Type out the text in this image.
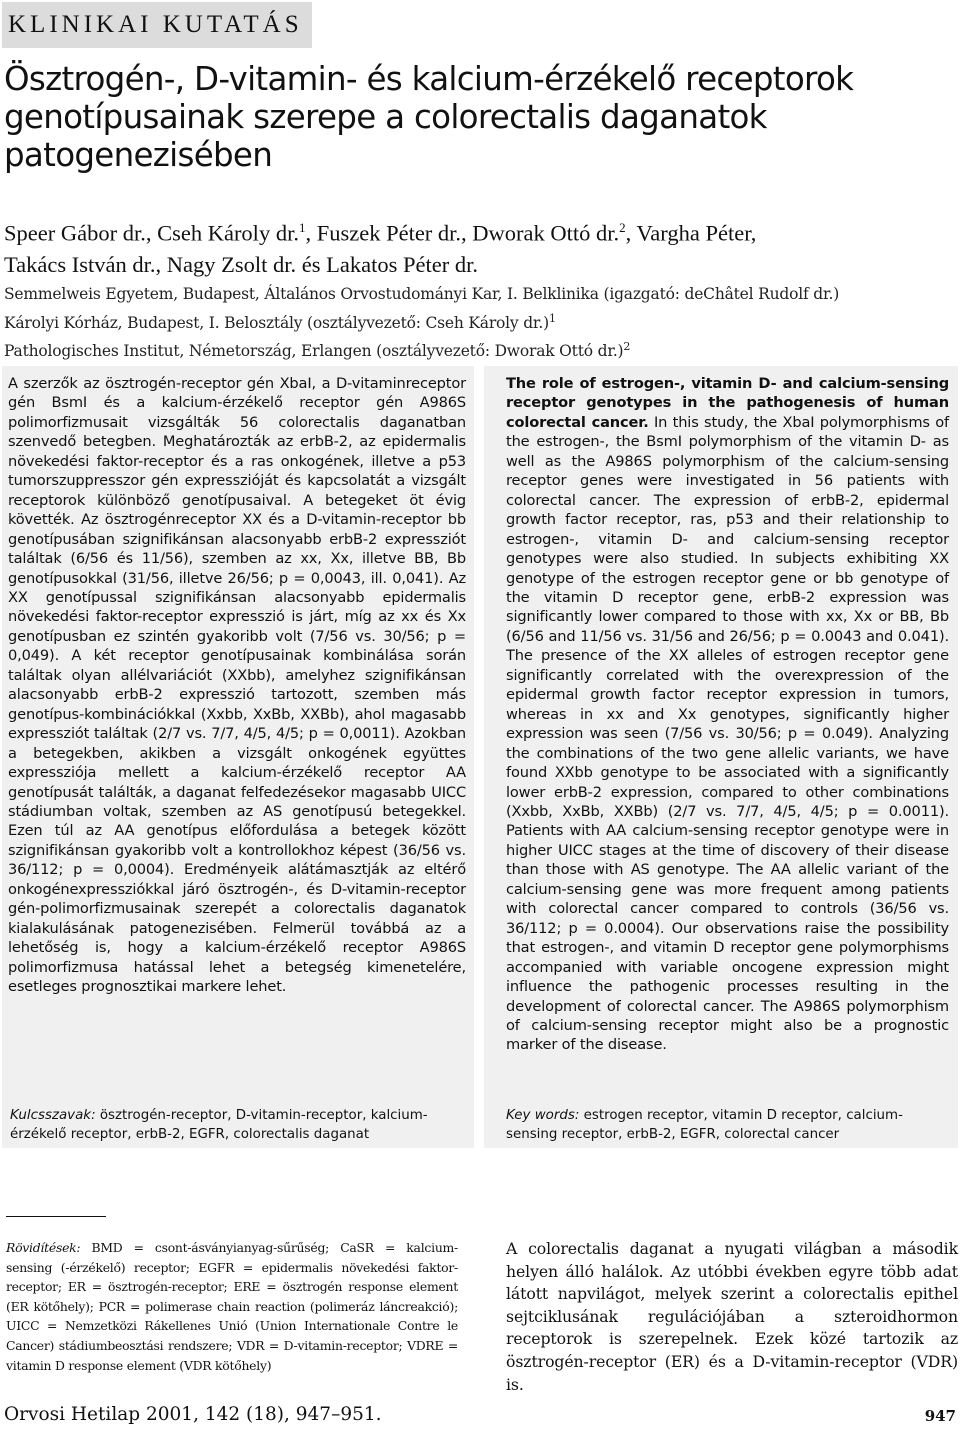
KLINIKAI KUTATÁS
Ösztrogén-, D-vitamin- és kalcium-érzékelő receptorok genotípusainak szerepe a colorectalis daganatok patogenezisében
Speer Gábor dr., Cseh Károly dr.$^1$, Fuszek Péter dr., Dworak Ottó dr.$^2$, Vargha Péter,
Takács István dr., Nagy Zsolt dr. és Lakatos Péter dr.
Semmelweis Egyetem, Budapest, Általános Orvostudományi Kar, I. Belklinika (igazgató: deChâtel Rudolf dr.)
Károlyi Kórház, Budapest, I. Belosztály (osztályvezető: Cseh Károly dr.)$^1$
Pathologisches Institut, Németország, Erlangen (osztályvezető: Dworak Ottó dr.)$^2$
A szerzők az ösztrogén-receptor gén XbaI, a D-vitaminreceptor gén BsmI és a kalcium-érzékelő receptor gén A986S polimorfizmusait vizsgálták 56 colorectalis daganatban szenvedő betegben. Meghatározták az erbB-2, az epidermalis növekedési faktor-receptor és a ras onkogének, illetve a p53 tumorszuppresszor gén expresszióját és kapcsolatát a vizsgált receptorok különböző genotípusaival. A betegeket öt évig követték. Az ösztrogénreceptor XX és a D-vitamin-receptor bb genotípusában szignifikánsan alacsonyabb erbB-2 expressziót találtak (6/56 és 11/56), szemben az xx, Xx, illetve BB, Bb genotípusokkal (31/56, illetve 26/56; p = 0,0043, ill. 0,041). Az XX genotípussal szignifikánsan alacsonyabb epidermalis növekedési faktor-receptor expresszió is járt, míg az xx és Xx genotípusban ez szintén gyakoribb volt (7/56 vs. 30/56; p = 0,049). A két receptor genotípusainak kombinálása során találtak olyan allélvariációt (XXbb), amelyhez szignifikánsan alacsonyabb erbB-2 expresszió tartozott, szemben más genotípus-kombinációkkal (Xxbb, XxBb, XXBb), ahol magasabb expressziót találtak (2/7 vs. 7/7, 4/5, 4/5; p = 0,0011). Azokban a betegekben, akikben a vizsgált onkogének együttes expressziója mellett a kalcium-érzékelő receptor AA genotípusát találták, a daganat felfedezésekor magasabb UICC stádiumban voltak, szemben az AS genotípusú betegekkel. Ezen túl az AA genotípus előfordulása a betegek között szignifikánsan gyakoribb volt a kontrollokhoz képest (36/56 vs. 36/112; p = 0,0004). Eredményeik alátámasztják az eltérő onkogénexpressziókkal járó ösztrogén-, és D-vitamin-receptor gén-polimorfizmusainak szerepét a colorectalis daganatok kialakulásának patogenezisében. Felmerül továbbá az a lehetőség is, hogy a kalcium-érzékelő receptor A986S polimorfizmusa hatással lehet a betegség kimenetelére, esetleges prognosztikai markere lehet.
The role of estrogen-, vitamin D- and calcium-sensing receptor genotypes in the pathogenesis of human colorectal cancer. In this study, the XbaI polymorphisms of the estrogen-, the BsmI polymorphism of the vitamin D- as well as the A986S polymorphism of the calcium-sensing receptor genes were investigated in 56 patients with colorectal cancer. The expression of erbB-2, epidermal growth factor receptor, ras, p53 and their relationship to estrogen-, vitamin D- and calcium-sensing receptor genotypes were also studied. In subjects exhibiting XX genotype of the estrogen receptor gene or bb genotype of the vitamin D receptor gene, erbB-2 expression was significantly lower compared to those with xx, Xx or BB, Bb (6/56 and 11/56 vs. 31/56 and 26/56; p = 0.0043 and 0.041). The presence of the XX alleles of estrogen receptor gene significantly correlated with the overexpression of the epidermal growth factor receptor expression in tumors, whereas in xx and Xx genotypes, significantly higher expression was seen (7/56 vs. 30/56; p = 0.049). Analyzing the combinations of the two gene allelic variants, we have found XXbb genotype to be associated with a significantly lower erbB-2 expression, compared to other combinations (Xxbb, XxBb, XXBb) (2/7 vs. 7/7, 4/5, 4/5; p = 0.0011). Patients with AA calcium-sensing receptor genotype were in higher UICC stages at the time of discovery of their disease than those with AS genotype. The AA allelic variant of the calcium-sensing gene was more frequent among patients with colorectal cancer compared to controls (36/56 vs. 36/112; p = 0.0004). Our observations raise the possibility that estrogen-, and vitamin D receptor gene polymorphisms accompanied with variable oncogene expression might influence the pathogenic processes resulting in the development of colorectal cancer. The A986S polymorphism of calcium-sensing receptor might also be a prognostic marker of the disease.
Kulcsszavak: ösztrogén-receptor, D-vitamin-receptor, kalcium-érzékelő receptor, erbB-2, EGFR, colorectalis daganat
Key words: estrogen receptor, vitamin D receptor, calcium-sensing receptor, erbB-2, EGFR, colorectal cancer
Rövidítések: BMD = csont-ásványianyag-sűrűség; CaSR = kalcium-sensing (-érzékelő) receptor; EGFR = epidermalis növekedési faktor-receptor; ER = ösztrogén-receptor; ERE = ösztrogén response element (ER kötőhely); PCR = polimerase chain reaction (polimeráz láncreakció); UICC = Nemzetközi Rákellenes Unió (Union Internationale Contre le Cancer) stádiumbeosztási rendszere; VDR = D-vitamin-receptor; VDRE = vitamin D response element (VDR kötőhely)
A colorectalis daganat a nyugati világban a második helyen álló halálok. Az utóbbi években egyre több adat látott napvilágot, melyek szerint a colorectalis epithel sejtciklusának regulációjában a szteroidhormon receptorok is szerepelnek. Ezek közé tartozik az ösztrogén-receptor (ER) és a D-vitamin-receptor (VDR) is.
Orvosi Hetilap 2001, 142 (18), 947–951.	947
